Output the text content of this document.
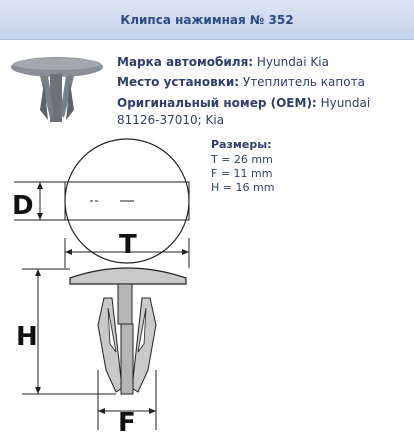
Клипса нажимная № 352
Марка автомобиля: Hyundai Kia
Место установки: Утеплитель капота
Оригинальный номер (OEM): Hyundai 81126-37010; Kia
Размеры:
T = 26 mm
F = 11 mm
H = 16 mm
D
T
H
F
